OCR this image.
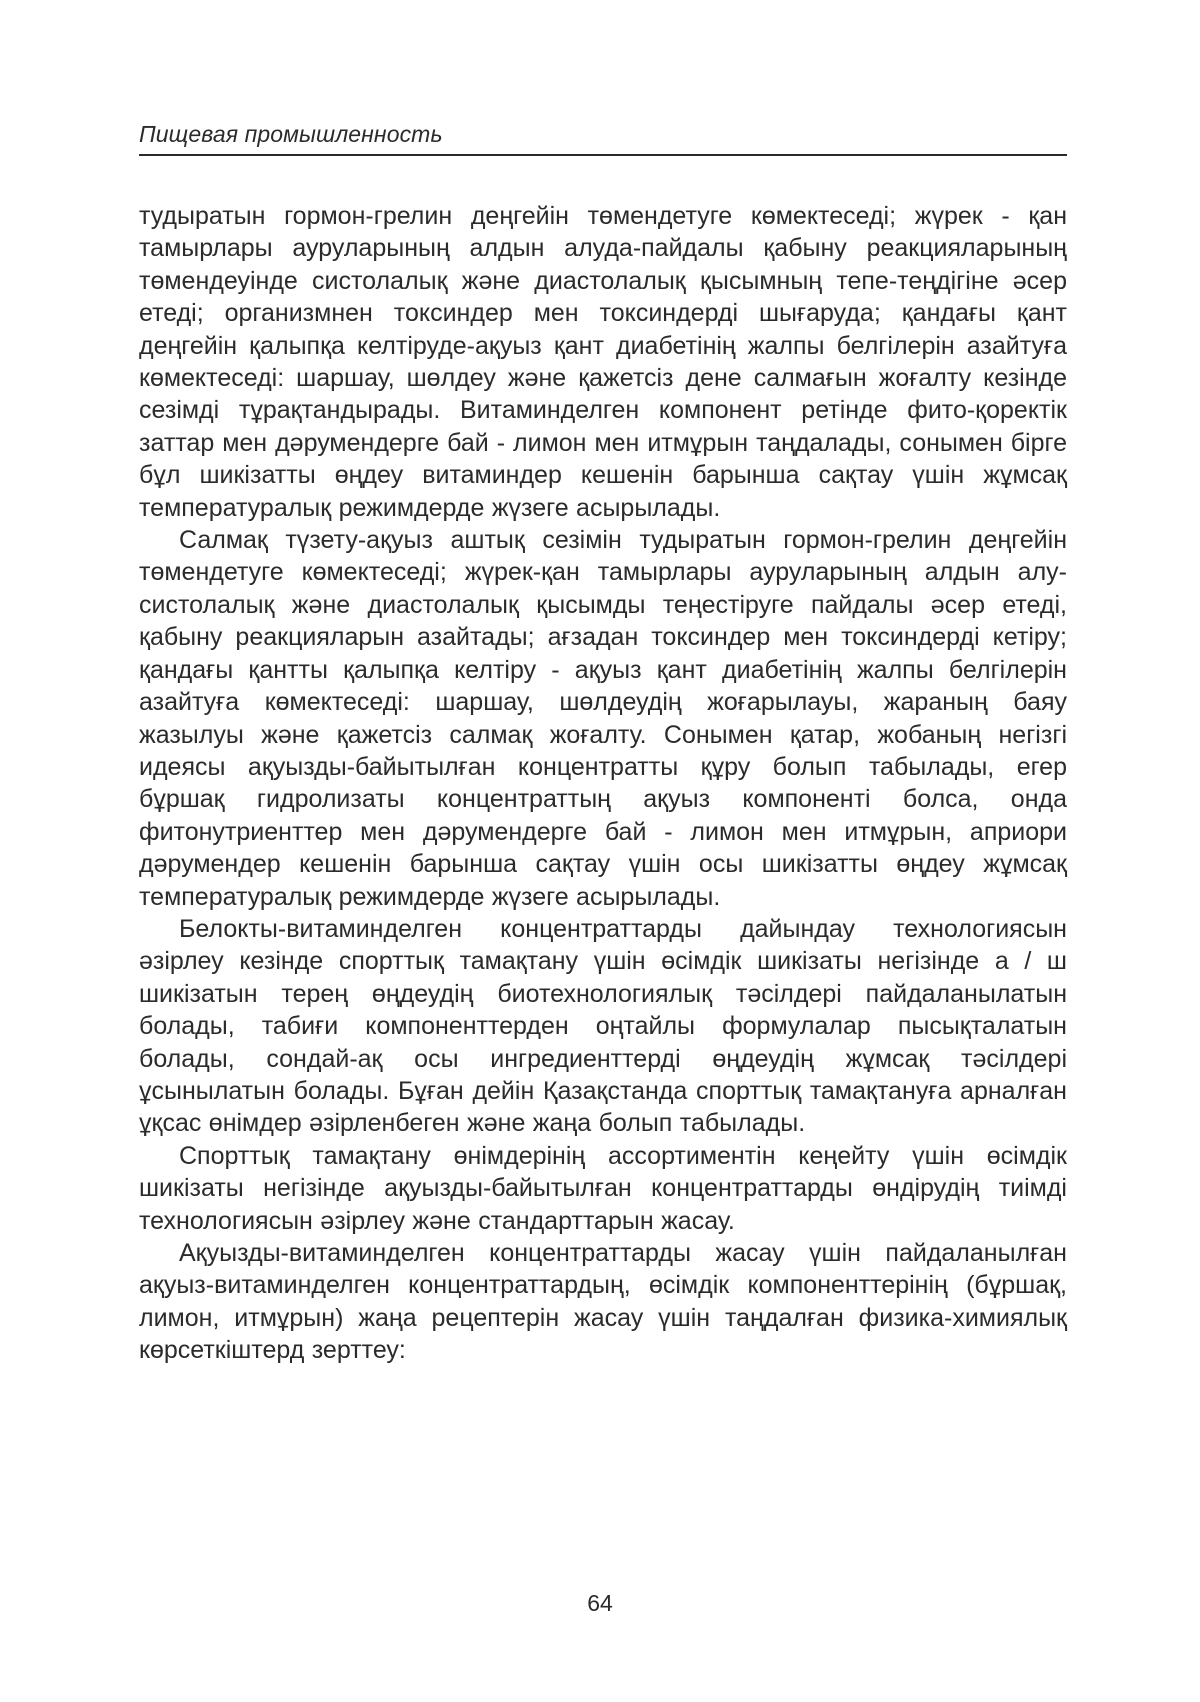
Пищевая промышленность

тудыратын гормон-грелин деңгейін төмендетуге көмектеседі; жүрек - қан тамырлары ауруларының алдын алуда-пайдалы қабыну реакцияларының төмендеуінде систолалық және диастолалық қысымның тепе-теңдігіне әсер етеді; организмнен токсиндер мен токсиндерді шығаруда; қандағы қант деңгейін қалыпқа келтіруде-ақуыз қант диабетінің жалпы белгілерін азайтуға көмектеседі: шаршау, шөлдеу және қажетсіз дене салмағын жоғалту кезінде сезімді тұрақтандырады. Витаминделген компонент ретінде фито-қоректік заттар мен дәрумендерге бай - лимон мен итмұрын таңдалады, сонымен бірге бұл шикізатты өңдеу витаминдер кешенін барынша сақтау үшін жұмсақ температуралық режимдерде жүзеге асырылады.

Салмақ түзету-ақуыз аштық сезімін тудыратын гормон-грелин деңгейін төмендетуге көмектеседі; жүрек-қан тамырлары ауруларының алдын алу-систолалық және диастолалық қысымды теңестіруге пайдалы әсер етеді, қабыну реакцияларын азайтады; ағзадан токсиндер мен токсиндерді кетіру; қандағы қантты қалыпқа келтіру - ақуыз қант диабетінің жалпы белгілерін азайтуға көмектеседі: шаршау, шөлдеудің жоғарылауы, жараның баяу жазылуы және қажетсіз салмақ жоғалту. Сонымен қатар, жобаның негізгі идеясы ақуызды-байытылған концентратты құру болып табылады, егер бұршақ гидролизаты концентраттың ақуыз компоненті болса, онда фитонутриенттер мен дәрумендерге бай - лимон мен итмұрын, априори дәрумендер кешенін барынша сақтау үшін осы шикізатты өңдеу жұмсақ температуралық режимдерде жүзеге асырылады.

Белокты-витаминделген концентраттарды дайындау технологиясын әзірлеу кезінде спорттық тамақтану үшін өсімдік шикізаты негізінде а / ш шикізатын терең өңдеудің биотехнологиялық тәсілдері пайдаланылатын болады, табиғи компоненттерден оңтайлы формулалар пысықталатын болады, сондай-ақ осы ингредиенттерді өңдеудің жұмсақ тәсілдері ұсынылатын болады. Бұған дейін Қазақстанда спорттық тамақтануға арналған ұқсас өнімдер әзірленбеген және жаңа болып табылады.

Спорттық тамақтану өнімдерінің ассортиментін кеңейту үшін өсімдік шикізаты негізінде ақуызды-байытылған концентраттарды өндірудің тиімді технологиясын әзірлеу және стандарттарын жасау.

Ақуызды-витаминделген концентраттарды жасау үшін пайдаланылған ақуыз-витаминделген концентраттардың, өсімдік компоненттерінің (бұршақ, лимон, итмұрын) жаңа рецептерін жасау үшін таңдалған физика-химиялық көрсеткіштерд зерттеу:

64
